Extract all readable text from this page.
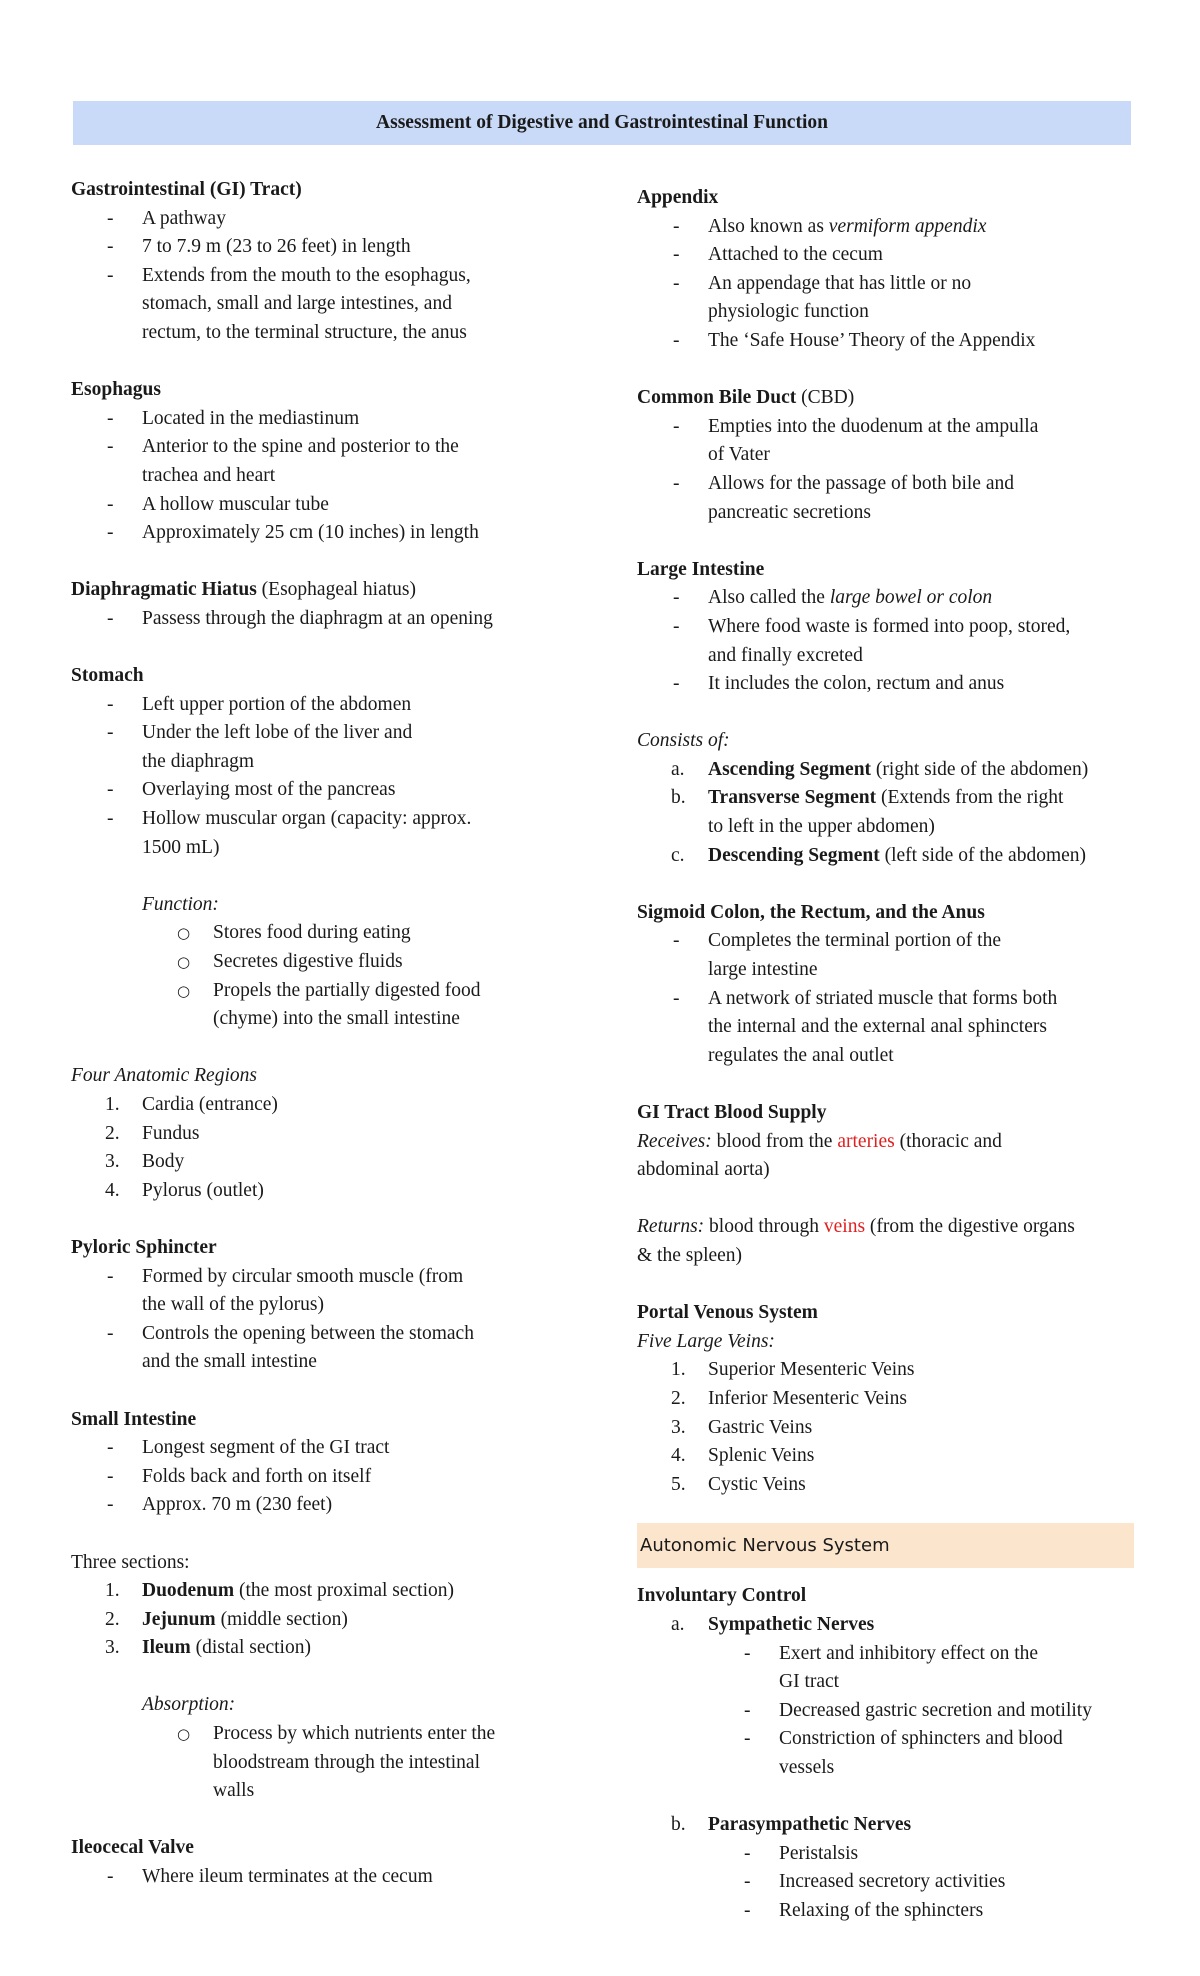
Assessment of Digestive and Gastrointestinal Function
Gastrointestinal (GI) Tract)
- A pathway
- 7 to 7.9 m (23 to 26 feet) in length
- Extends from the mouth to the esophagus,
stomach, small and large intestines, and
rectum, to the terminal structure, the anus
Esophagus
- Located in the mediastinum
- Anterior to the spine and posterior to the
trachea and heart
- A hollow muscular tube
- Approximately 25 cm (10 inches) in length
Diaphragmatic Hiatus (Esophageal hiatus)
- Passess through the diaphragm at an opening
Stomach
- Left upper portion of the abdomen
- Under the left lobe of the liver and
the diaphragm
- Overlaying most of the pancreas
- Hollow muscular organ (capacity: approx.
1500 mL)
Function:
○ Stores food during eating
○ Secretes digestive fluids
○ Propels the partially digested food
(chyme) into the small intestine
Four Anatomic Regions
1. Cardia (entrance)
2. Fundus
3. Body
4. Pylorus (outlet)
Pyloric Sphincter
- Formed by circular smooth muscle (from
the wall of the pylorus)
- Controls the opening between the stomach
and the small intestine
Small Intestine
- Longest segment of the GI tract
- Folds back and forth on itself
- Approx. 70 m (230 feet)
Three sections:
1. Duodenum (the most proximal section)
2. Jejunum (middle section)
3. Ileum (distal section)
Absorption:
○ Process by which nutrients enter the
bloodstream through the intestinal
walls
Ileocecal Valve
- Where ileum terminates at the cecum
Appendix
- Also known as vermiform appendix
- Attached to the cecum
- An appendage that has little or no
physiologic function
- The ‘Safe House’ Theory of the Appendix
Common Bile Duct (CBD)
- Empties into the duodenum at the ampulla
of Vater
- Allows for the passage of both bile and
pancreatic secretions
Large Intestine
- Also called the large bowel or colon
- Where food waste is formed into poop, stored,
and finally excreted
- It includes the colon, rectum and anus
Consists of:
a. Ascending Segment (right side of the abdomen)
b. Transverse Segment (Extends from the right
to left in the upper abdomen)
c. Descending Segment (left side of the abdomen)
Sigmoid Colon, the Rectum, and the Anus
- Completes the terminal portion of the
large intestine
- A network of striated muscle that forms both
the internal and the external anal sphincters
regulates the anal outlet
GI Tract Blood Supply
Receives: blood from the arteries (thoracic and
abdominal aorta)
Returns: blood through veins (from the digestive organs
& the spleen)
Portal Venous System
Five Large Veins:
1. Superior Mesenteric Veins
2. Inferior Mesenteric Veins
3. Gastric Veins
4. Splenic Veins
5. Cystic Veins
Autonomic Nervous System
Involuntary Control
a. Sympathetic Nerves
- Exert and inhibitory effect on the
GI tract
- Decreased gastric secretion and motility
- Constriction of sphincters and blood
vessels
b. Parasympathetic Nerves
- Peristalsis
- Increased secretory activities
- Relaxing of the sphincters
